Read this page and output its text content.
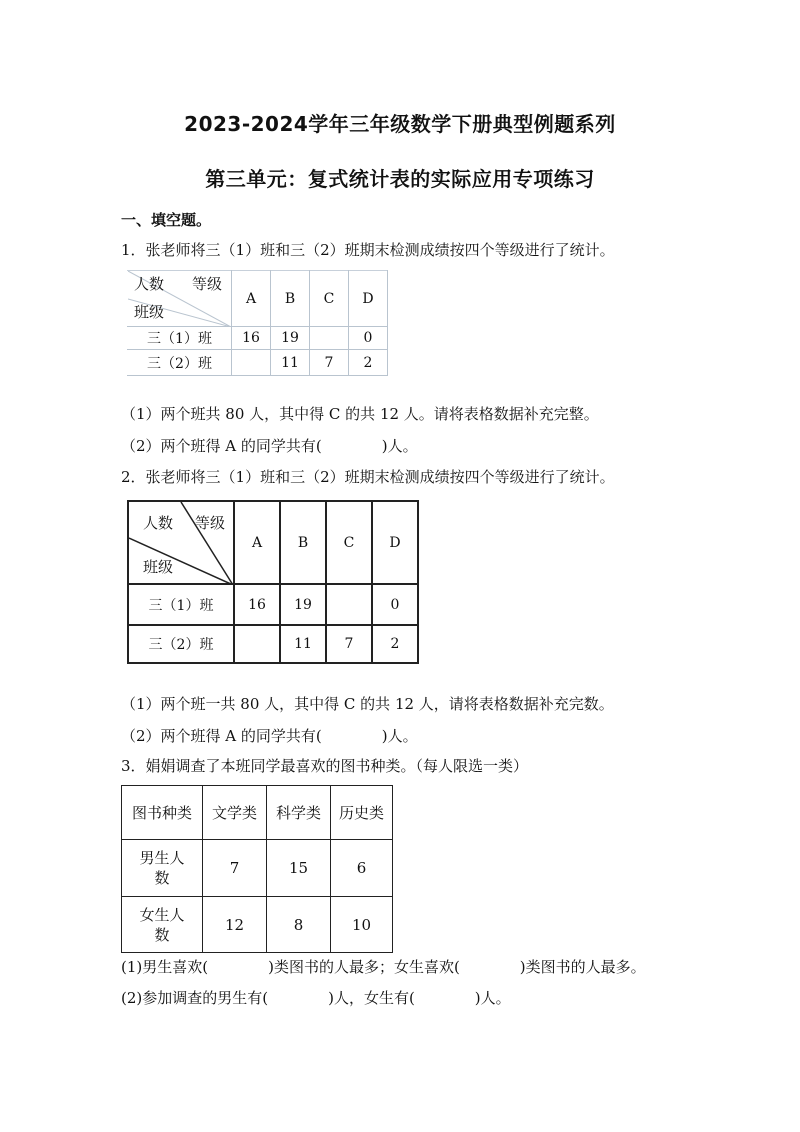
2023-2024学年三年级数学下册典型例题系列
第三单元：复式统计表的实际应用专项练习
一、填空题。
1．张老师将三（1）班和三（2）班期末检测成绩按四个等级进行了统计。
人数 等级
班级	A	B	C	D
三（1）班	16	19		0
三（2）班		11	7	2
（1）两个班共 80 人，其中得 C 的共 12 人。请将表格数据补充完整。
（2）两个班得 A 的同学共有(　　　　)人。
2．张老师将三（1）班和三（2）班期末检测成绩按四个等级进行了统计。
人数 等级
班级	A	B	C	D
三（1）班	16	19		0
三（2）班		11	7	2
（1）两个班一共 80 人，其中得 C 的共 12 人，请将表格数据补充完数。
（2）两个班得 A 的同学共有(　　　　)人。
3．娟娟调查了本班同学最喜欢的图书种类。（每人限选一类）
图书种类	文学类	科学类	历史类
男生人数	7	15	6
女生人数	12	8	10
(1)男生喜欢(　　　　)类图书的人最多；女生喜欢(　　　　)类图书的人最多。
(2)参加调查的男生有(　　　　)人，女生有(　　　　)人。
